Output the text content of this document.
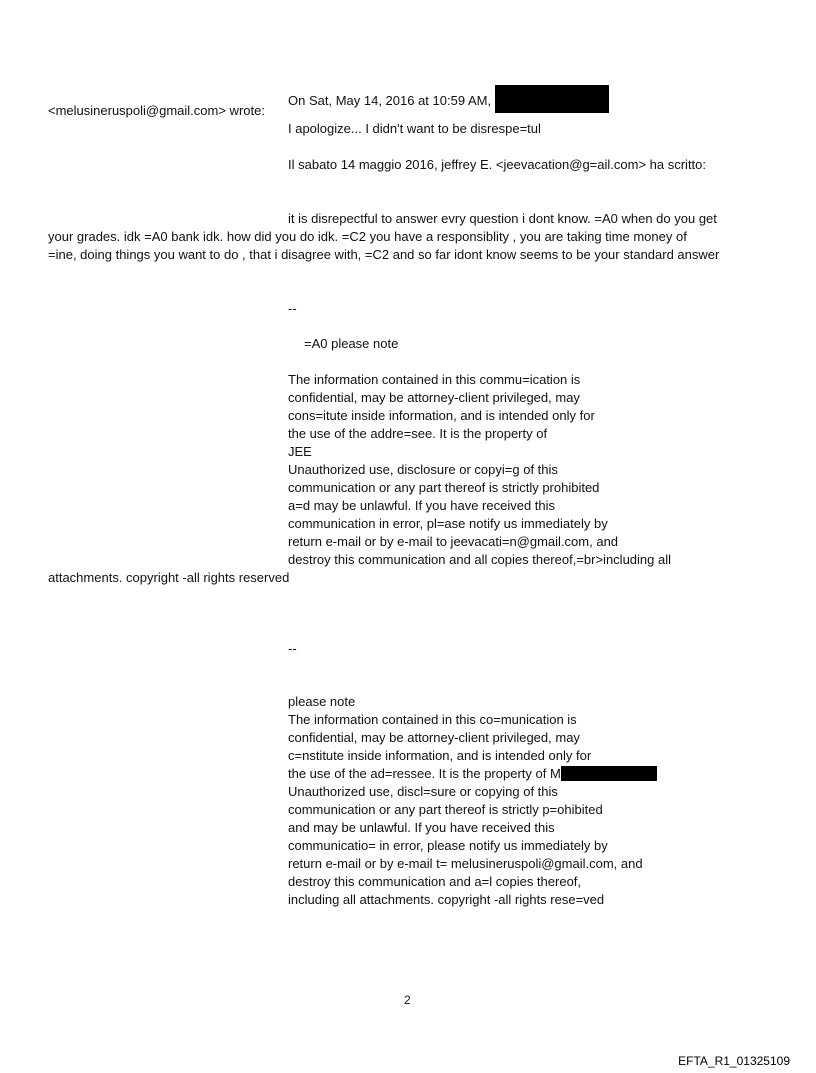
On Sat, May 14, 2016 at 10:59 AM,
<melusineruspoli@gmail.com> wrote:
I apologize... I didn't want to be disrespe=tul
Il sabato 14 maggio 2016, jeffrey E. <jeevacation@g=ail.com> ha scritto:
it is disrepectful to answer evry question i dont know. =A0 when do you get
your grades. idk =A0 bank idk. how did you do idk. =C2 you have a responsiblity , you are taking time money of
=ine, doing things you want to do , that i disagree with, =C2 and so far idont know seems to be your standard answer
--
=A0 please note
The information contained in this commu=ication is
confidential, may be attorney-client privileged, may
cons=itute inside information, and is intended only for
the use of the addre=see. It is the property of
JEE
Unauthorized use, disclosure or copyi=g of this
communication or any part thereof is strictly prohibited
a=d may be unlawful. If you have received this
communication in error, pl=ase notify us immediately by
return e-mail or by e-mail to jeevacati=n@gmail.com, and
destroy this communication and all copies thereof,=br>including all
attachments. copyright -all rights reserved
--
please note
The information contained in this co=munication is
confidential, may be attorney-client privileged, may
c=nstitute inside information, and is intended only for
the use of the ad=ressee. It is the property of M
Unauthorized use, discl=sure or copying of this
communication or any part thereof is strictly p=ohibited
and may be unlawful. If you have received this
communicatio= in error, please notify us immediately by
return e-mail or by e-mail t= melusineruspoli@gmail.com, and
destroy this communication and a=l copies thereof,
including all attachments. copyright -all rights rese=ved
2
EFTA_R1_01325109
